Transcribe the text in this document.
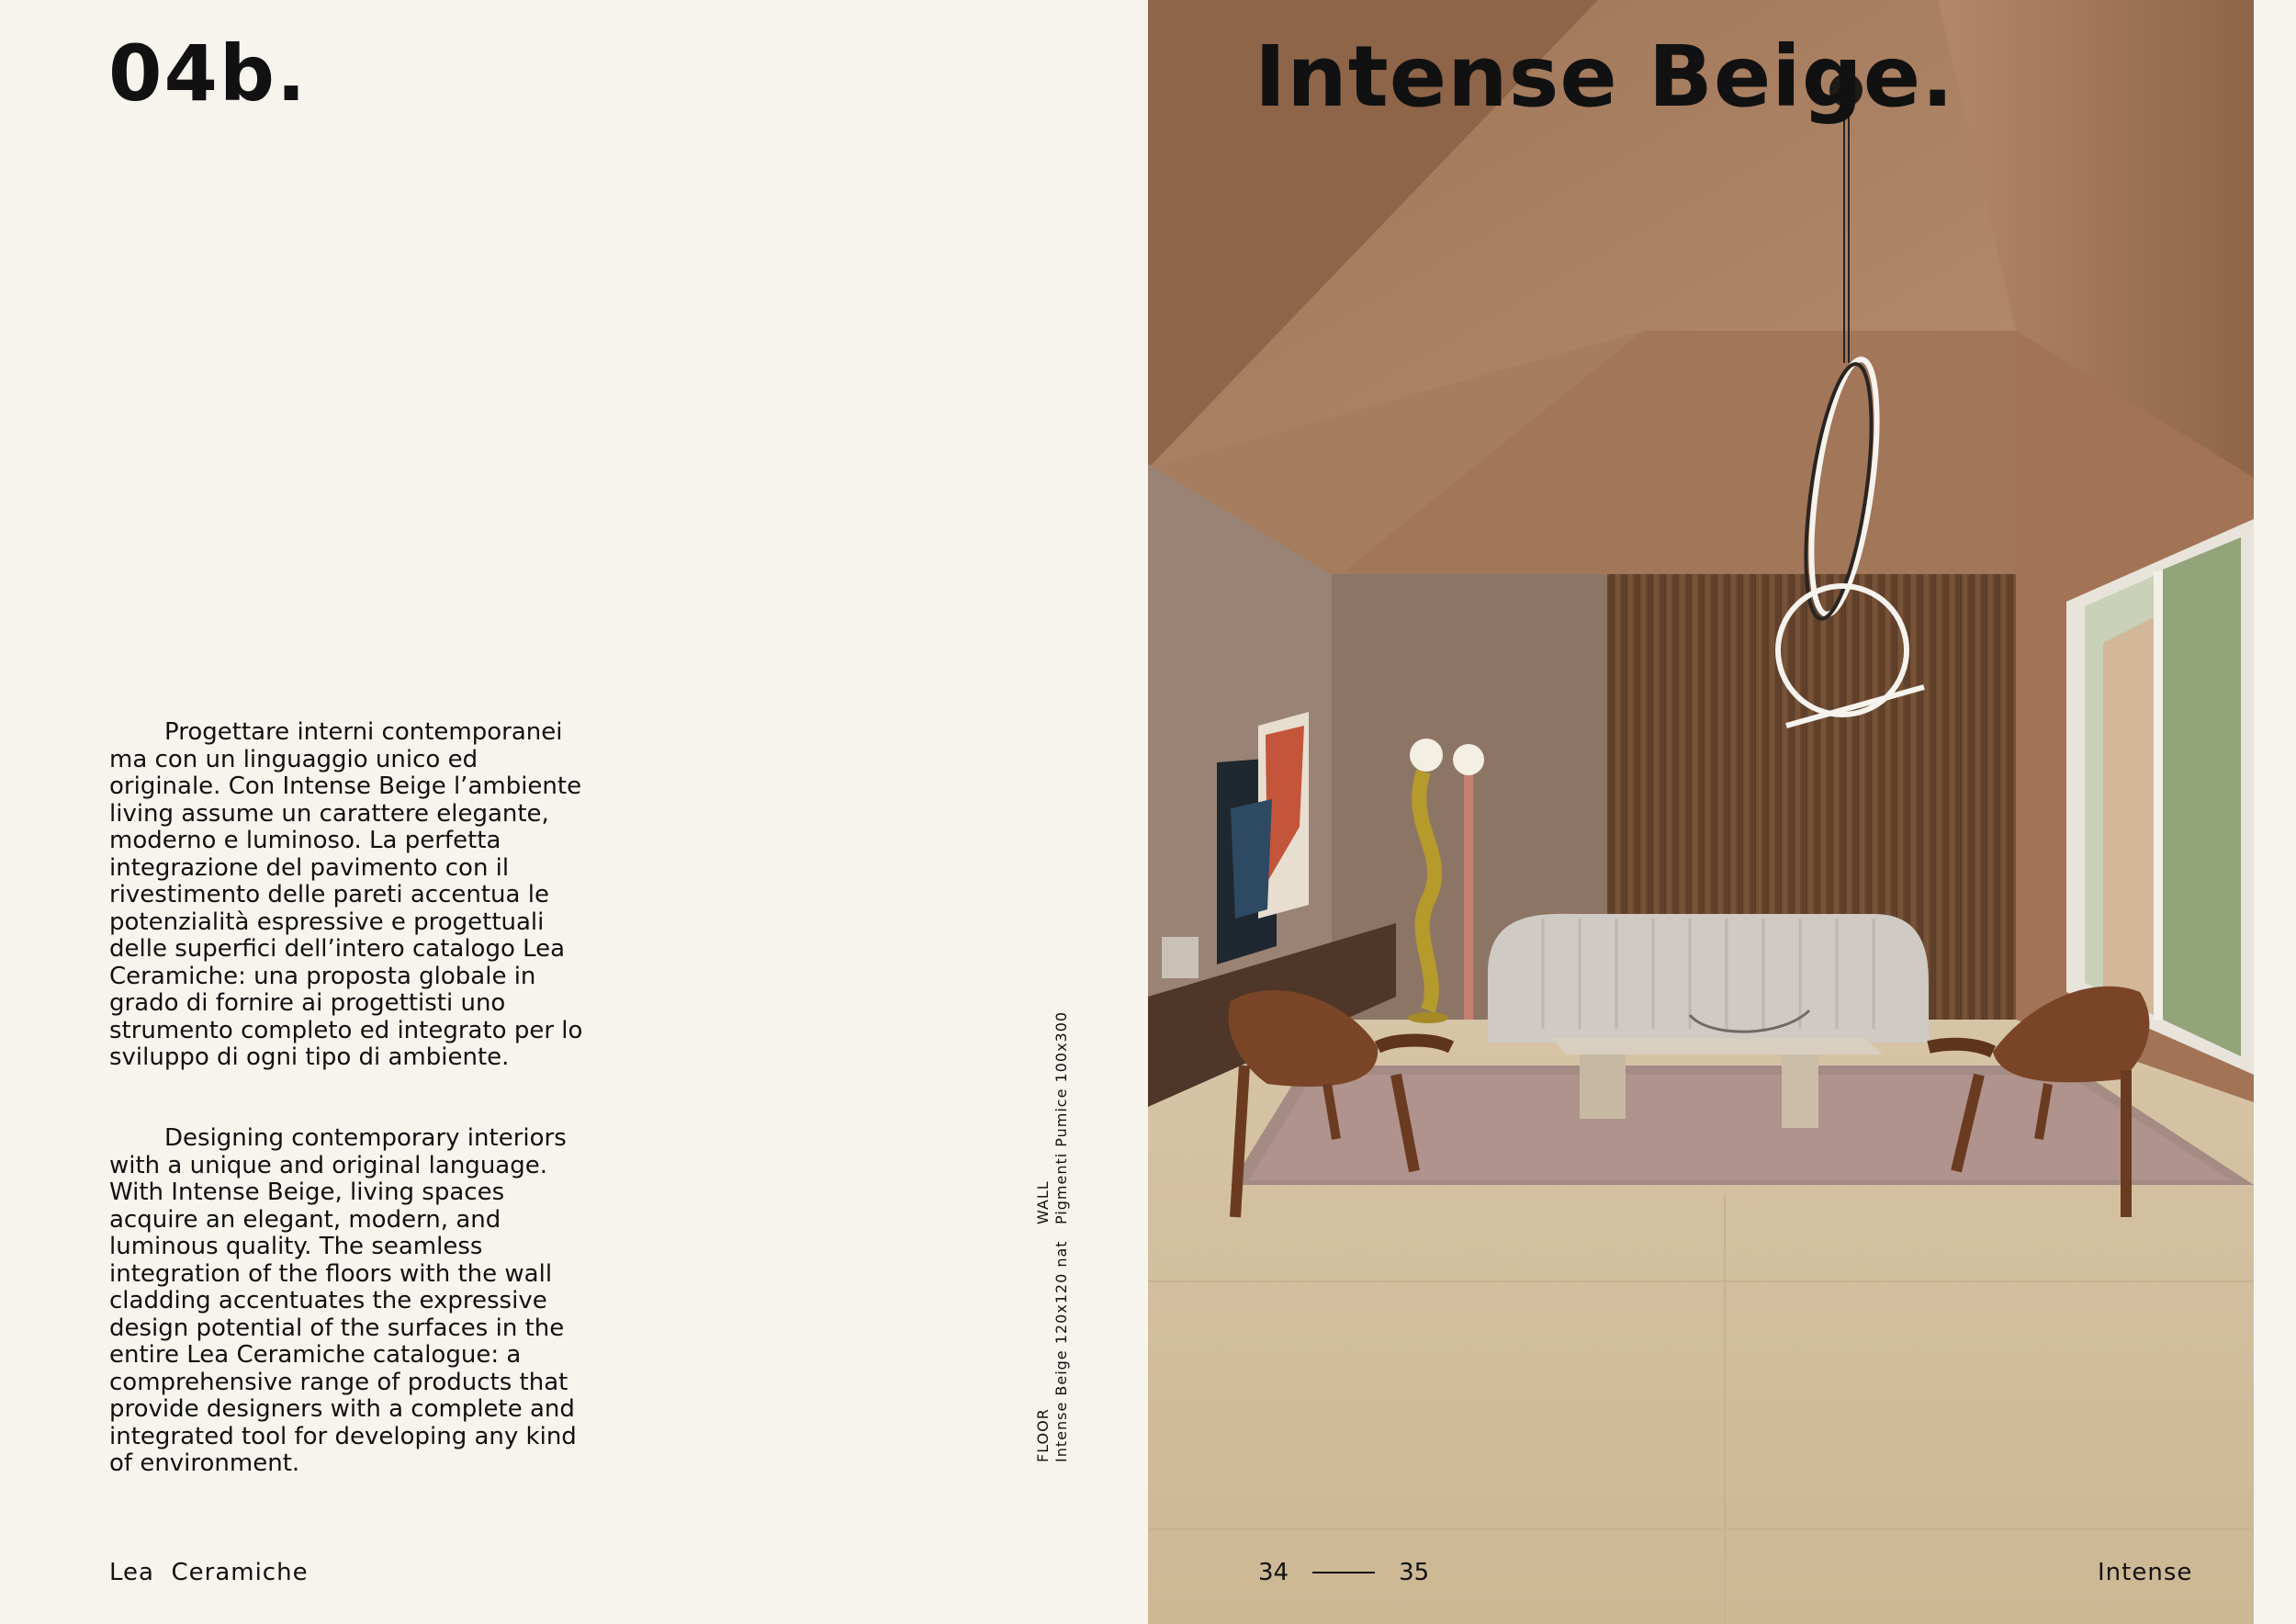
04b.
Progettare interni contemporanei ma con un linguaggio unico ed originale. Con Intense Beige l’ambiente living assume un carattere elegante, moderno e luminoso. La perfetta integrazione del pavimento con il rivestimento delle pareti accentua le potenzialità espressive e progettuali delle superfici dell’intero catalogo Lea Ceramiche: una proposta globale in grado di fornire ai progettisti uno strumento completo ed integrato per lo sviluppo di ogni tipo di ambiente.
Designing contemporary interiors with a unique and original language. With Intense Beige, living spaces acquire an elegant, modern, and luminous quality. The seamless integration of the floors with the wall cladding accentuates the expressive design potential of the surfaces in the entire Lea Ceramiche catalogue: a comprehensive range of products that provide designers with a complete and integrated tool for developing any kind of environment.
WALL Pigmenti Pumice 100x300
FLOOR Intense Beige 120x120 nat
Lea  Ceramiche
Intense Beige.
34	35	Intense
